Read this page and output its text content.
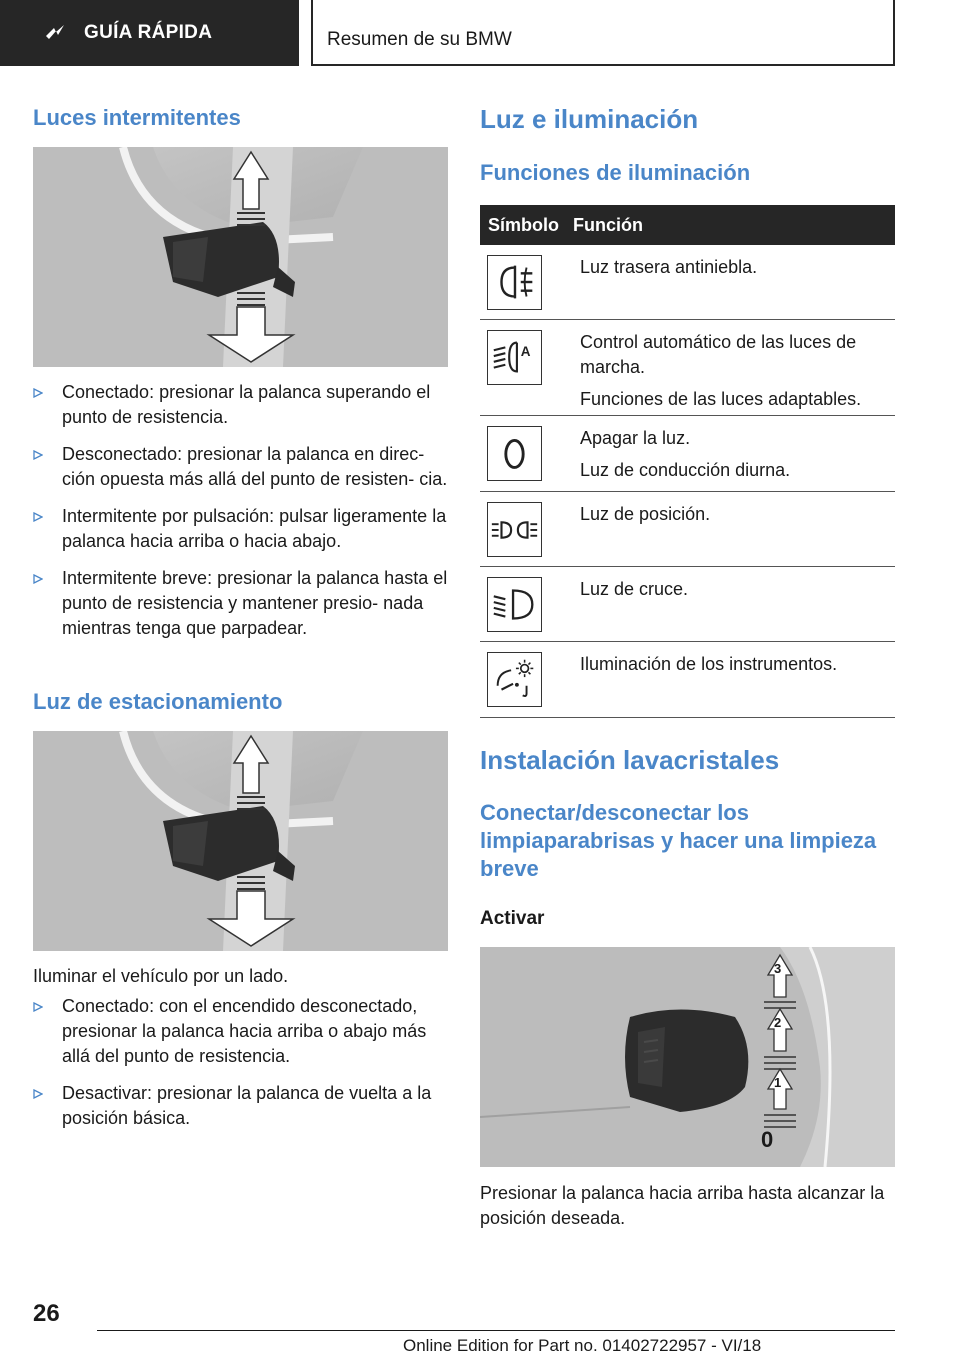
GUÍA RÁPIDA	Resumen de su BMW
Luces intermitentes
Conectado: presionar la palanca superando el punto de resistencia.
Desconectado: presionar la palanca en direc‐ ción opuesta más allá del punto de resisten‐ cia.
Intermitente por pulsación: pulsar ligeramente la palanca hacia arriba o hacia abajo.
Intermitente breve: presionar la palanca hasta el punto de resistencia y mantener presio‐ nada mientras tenga que parpadear.
Luz de estacionamiento
Iluminar el vehículo por un lado.
Conectado: con el encendido desconectado, presionar la palanca hacia arriba o abajo más allá del punto de resistencia.
Desactivar: presionar la palanca de vuelta a la posición básica.
Luz e iluminación
Funciones de iluminación
Símbolo Función
Luz trasera antiniebla.
A	Control automático de las luces de marcha.
Funciones de las luces adaptables.
Apagar la luz.
Luz de conducción diurna.
Luz de posición.
Luz de cruce.
Iluminación de los instrumentos.
Instalación lavacristales
Conectar/desconectar los limpiaparabrisas y hacer una limpieza breve
Activar
3
2
1
0
Presionar la palanca hacia arriba hasta alcanzar la posición deseada.
26
Online Edition for Part no. 01402722957 - VI/18
